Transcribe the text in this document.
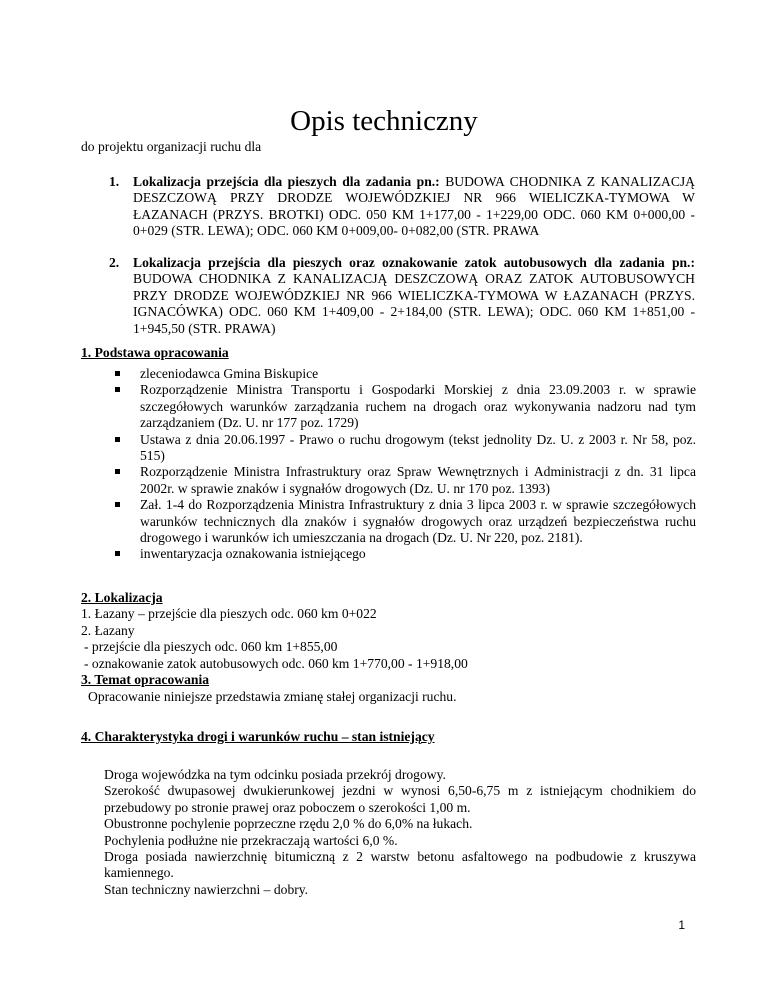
Opis techniczny
do projektu organizacji ruchu dla
1. Lokalizacja przejścia dla pieszych dla zadania pn.: BUDOWA CHODNIKA Z KANALIZACJĄ DESZCZOWĄ PRZY DRODZE WOJEWÓDZKIEJ NR 966 WIELICZKA-TYMOWA W ŁAZANACH (PRZYS. BROTKI) ODC. 050 KM 1+177,00 - 1+229,00 ODC. 060 KM 0+000,00 - 0+029 (STR. LEWA); ODC. 060 KM 0+009,00- 0+082,00 (STR. PRAWA
2. Lokalizacja przejścia dla pieszych oraz oznakowanie zatok autobusowych dla zadania pn.: BUDOWA CHODNIKA Z KANALIZACJĄ DESZCZOWĄ ORAZ ZATOK AUTOBUSOWYCH PRZY DRODZE WOJEWÓDZKIEJ NR 966 WIELICZKA-TYMOWA W ŁAZANACH (PRZYS. IGNACÓWKA) ODC. 060 KM 1+409,00 - 2+184,00 (STR. LEWA); ODC. 060 KM 1+851,00 - 1+945,50 (STR. PRAWA)
1. Podstawa opracowania
zleceniodawca Gmina Biskupice
Rozporządzenie Ministra Transportu i Gospodarki Morskiej z dnia 23.09.2003 r. w sprawie szczegółowych warunków zarządzania ruchem na drogach oraz wykonywania nadzoru nad tym zarządzaniem (Dz. U. nr 177 poz. 1729)
Ustawa z dnia 20.06.1997 - Prawo o ruchu drogowym (tekst jednolity Dz. U. z 2003 r. Nr 58, poz. 515)
Rozporządzenie Ministra Infrastruktury oraz Spraw Wewnętrznych i Administracji z dn. 31 lipca 2002r. w sprawie znaków i sygnałów drogowych (Dz. U. nr 170 poz. 1393)
Zał. 1-4 do Rozporządzenia Ministra Infrastruktury z dnia 3 lipca 2003 r. w sprawie szczegółowych warunków technicznych dla znaków i sygnałów drogowych oraz urządzeń bezpieczeństwa ruchu drogowego i warunków ich umieszczania na drogach (Dz. U. Nr 220, poz. 2181).
inwentaryzacja oznakowania istniejącego
2. Lokalizacja
1. Łazany – przejście dla pieszych odc. 060 km 0+022
2. Łazany
- przejście dla pieszych odc. 060 km 1+855,00
- oznakowanie zatok autobusowych odc. 060 km 1+770,00 - 1+918,00
3. Temat opracowania
Opracowanie niniejsze przedstawia zmianę stałej organizacji ruchu.
4. Charakterystyka drogi i warunków ruchu – stan istniejący
Droga wojewódzka na tym odcinku posiada przekrój drogowy.
Szerokość dwupasowej dwukierunkowej jezdni w wynosi 6,50-6,75 m z istniejącym chodnikiem do przebudowy po stronie prawej oraz poboczem o szerokości 1,00 m.
Obustronne pochylenie poprzeczne rzędu 2,0 % do 6,0% na łukach.
Pochylenia podłużne nie przekraczają wartości 6,0 %.
Droga posiada nawierzchnię bitumiczną z 2 warstw betonu asfaltowego na podbudowie z kruszywa kamiennego.
Stan techniczny nawierzchni – dobry.
1
